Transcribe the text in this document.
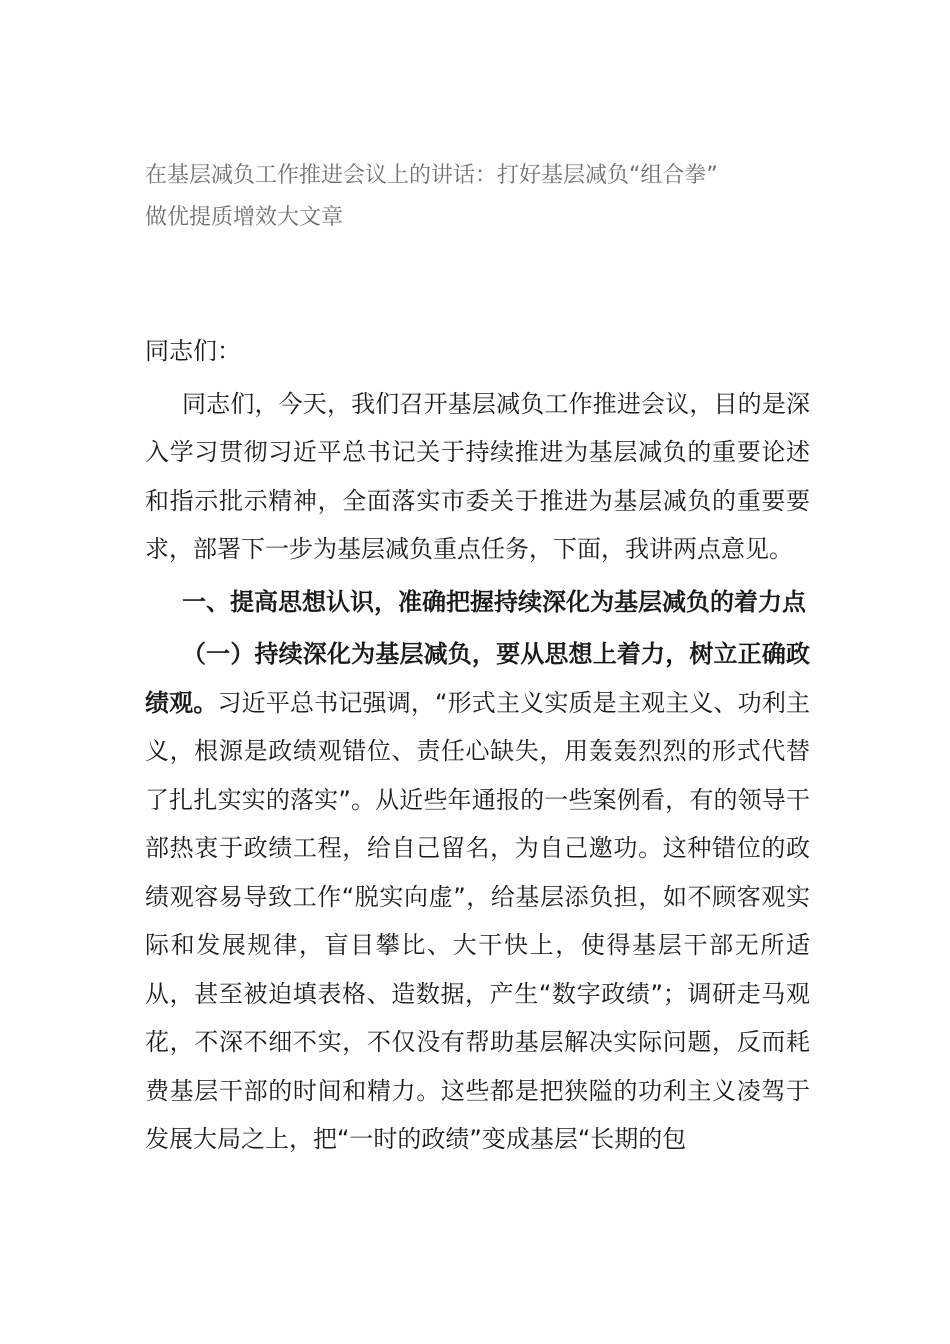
在基层减负工作推进会议上的讲话：打好基层减负“组合拳”
做优提质增效大文章

同志们：

同志们，今天，我们召开基层减负工作推进会议，目的是深入学习贯彻习近平总书记关于持续推进为基层减负的重要论述和指示批示精神，全面落实市委关于推进为基层减负的重要要求，部署下一步为基层减负重点任务，下面，我讲两点意见。

一、提高思想认识，准确把握持续深化为基层减负的着力点

（一）持续深化为基层减负，要从思想上着力，树立正确政绩观。习近平总书记强调，“形式主义实质是主观主义、功利主义，根源是政绩观错位、责任心缺失，用轰轰烈烈的形式代替了扎扎实实的落实”。从近些年通报的一些案例看，有的领导干部热衷于政绩工程，给自己留名，为自己邀功。这种错位的政绩观容易导致工作“脱实向虚”，给基层添负担，如不顾客观实际和发展规律，盲目攀比、大干快上，使得基层干部无所适从，甚至被迫填表格、造数据，产生“数字政绩”；调研走马观花，不深不细不实，不仅没有帮助基层解决实际问题，反而耗费基层干部的时间和精力。这些都是把狭隘的功利主义凌驾于发展大局之上，把“一时的政绩”变成基层“长期的包
